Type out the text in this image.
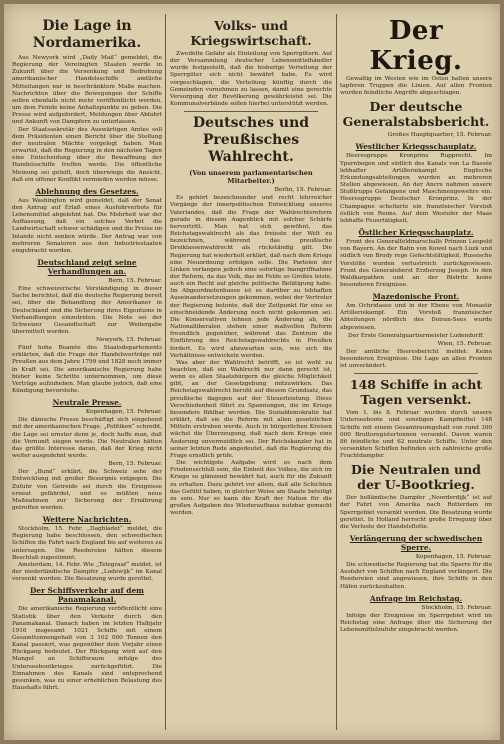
Die Lage in Nordamerika.

Aus Newyork wird „Daily Mail“ gemeldet, die Regierung der Vereinigten Staaten werde in Zukunft über die Versenkung und Bedrohung amerikanischer Handelsschiffe amtliche Mitteilungen nur in beschränktem Maße machen. Nachrichten über die Bewegungen der Schiffe sollen ebenfalls nicht mehr veröffentlicht werden, um dem Feinde keine Anhaltspunkte zu geben. Die Presse wird aufgefordert, Meldungen über Abfahrt und Ankunft von Dampfern zu unterlassen.

Der Staatssekretär des Auswärtigen Amtes soll dem Präsidenten einen Bericht über die Stellung der neutralen Mächte vorgelegt haben. Man erwartet, daß die Regierung in den nächsten Tagen eine Entscheidung über die Bewaffnung der Handelsschiffe treffen werde. Die öffentliche Meinung sei geteilt, doch überwiege die Ansicht, daß ein offener Konflikt vermieden werden müsse.

Ablehnung des Gesetzes.

Aus Washington wird gemeldet, daß der Senat den Antrag auf Erlaß eines Ausfuhrverbots für Lebensmittel abgelehnt hat. Die Mehrheit war der Auffassung, daß ein solches Verbot die Landwirtschaft schwer schädigen und die Preise im Inlande nicht senken würde. Der Antrag war von mehreren Senatoren aus den Industriestaaten eingebracht worden.

Deutschland zeigt seine Verhandlungen an.
Bern, 15. Februar.

Eine schweizerische Verständigung in dieser Sache berichtet, daß die deutsche Regierung bereit sei, über die Behandlung der Amerikaner in Deutschland und die Sicherung ihres Eigentums in Verhandlungen einzutreten. Die Note sei der Schweizer Gesandtschaft zur Weitergabe übermittelt worden.

Newyork, 15. Februar.

Fünf hohe Beamte des Staatsdepartements erklärten, daß die Frage der Handelsverträge mit Preußen aus dem Jahre 1799 und 1828 noch immer in Kraft sei. Die amerikanische Regierung habe bisher keine Schritte unternommen, um diese Verträge aufzuheben. Man glaube jedoch, daß eine Kündigung bevorstehe.

Neutrale Presse.
Kopenhagen, 15. Februar.

Die dänische Presse beschäftigt sich eingehend mit der amerikanischen Frage. „Politiken“ schreibt, die Lage sei ernster denn je, doch hoffe man, daß die Vernunft siegen werde. Die Neutralen hätten das größte Interesse daran, daß der Krieg nicht weiter ausgedehnt werde.

Bern, 15. Februar.

Der „Bund“ erklärt, die Schweiz sehe der Entwicklung mit großer Besorgnis entgegen. Die Zufuhr von Getreide sei durch die Ereignisse erneut gefährdet, und es müßten neue Maßnahmen zur Sicherung der Ernährung getroffen werden.

Weitere Nachrichten.

Stockholm, 15. Febr. „Dagbladet“ meldet, die Regierung habe beschlossen, den schwedischen Schiffen die Fahrt nach England bis auf weiteres zu untersagen. Die Reedereien hätten diesem Beschluß zugestimmt.

Amsterdam, 14. Febr. Wie „Telegraaf“ meldet, ist der niederländische Dampfer „Lodewijk“ im Kanal versenkt worden. Die Besatzung wurde gerettet.

Der Schiffsverkehr auf dem Panamakanal.

Die amerikanische Regierung veröffentlicht eine Statistik über den Verkehr durch den Panamakanal. Danach haben im letzten Halbjahr 1916 insgesamt 1021 Schiffe mit einem Gesamttonnengehalt von 3 102 000 Tonnen den Kanal passiert, was gegenüber dem Vorjahr einen Rückgang bedeutet. Der Rückgang wird auf den Mangel an Schiffsraum infolge des Unterseebootkrieges zurückgeführt. Die Einnahmen des Kanals sind entsprechend gesunken, was zu einer erheblichen Belastung des Haushalts führt.

Volks- und Kriegswirtschaft.

Zweifelte Gefahr als Einteilung von Sperrgütern. Auf der Versammlung deutscher Lebensmittelhändler wurde festgestellt, daß die bisherige Verteilung der Sperrgüter sich nicht bewährt habe. Es wird vorgeschlagen, die Verteilung künftig durch die Gemeinden vornehmen zu lassen, damit eine gerechte Versorgung der Bevölkerung gewährleistet sei. Die Kommunalverbände sollen hierbei unterstützt werden.

Deutsches und Preußisches Wahlrecht.
(Von unserem parlamentarischen Mitarbeiter.)
Berlin, 15. Februar.

Es gehört bezeichnender und recht lehrreicher Vorgänge der innerpolitischen Entwicklung unseres Vaterlandes, daß die Frage der Wahlrechtsreform gerade in diesem Augenblick mit solcher Schärfe hervortritt. Man hat sich gewöhnt, das Reichstagswahlrecht als das freieste der Welt zu bezeichnen, während das preußische Dreiklassenwahlrecht als rückständig gilt. Die Regierung hat wiederholt erklärt, daß nach dem Kriege eine Neuordnung erfolgen solle. Die Parteien der Linken verlangen jedoch eine sofortige Inangriffnahme der Reform, da das Volk, das im Felde so Großes leiste, auch ein Recht auf gleiche politische Betätigung habe. Im Abgeordnetenhause ist es darüber zu lebhaften Auseinandersetzungen gekommen, wobei der Vertreter der Regierung betonte, daß der Zeitpunkt für eine so einschneidende Änderung noch nicht gekommen sei. Die Konservativen lehnen jede Änderung ab, die Nationalliberalen stehen einer maßvollen Reform freundlich gegenüber, während das Zentrum die Einführung des Reichstagswahlrechts in Preußen fordert. Es wird abzuwarten sein, wie sich die Verhältnisse entwickeln werden.

Was aber der Wahlrecht betrifft, so ist wohl zu beachten, daß ein Wahlrecht nur dann gerecht ist, wenn es allen Staatsbürgern die gleiche Möglichkeit gibt, an der Gesetzgebung mitzuwirken. Das Reichstagswahlrecht beruht auf diesem Grundsatz, das preußische dagegen auf der Steuerleistung. Diese Verschiedenheit führt zu Spannungen, die im Kriege besonders fühlbar werden. Die Sozialdemokratie hat erklärt, daß sie die Reform mit allen gesetzlichen Mitteln erstreben werde. Auch in bürgerlichen Kreisen wächst die Überzeugung, daß nach dem Kriege eine Änderung unvermeidlich sei. Der Reichskanzler hat in seiner letzten Rede angedeutet, daß die Regierung die Frage ernstlich prüfe.

Die wichtigste Aufgabe wird es nach dem Friedensschluß sein, die Einheit des Volkes, die sich im Kriege so glänzend bewährt hat, auch für die Zukunft zu erhalten. Dazu gehört vor allem, daß alle Schichten das Gefühl haben, in gleicher Weise am Staate beteiligt zu sein. Nur so kann die Kraft der Nation für die großen Aufgaben des Wiederaufbaus nutzbar gemacht werden.

Der Krieg.

Gewaltig im Westen wie im Osten halten unsere tapferen Truppen die Linien. Auf allen Fronten wurden feindliche Angriffe abgeschlagen.

Der deutsche Generalstabsbericht.
Großes Hauptquartier, 15. Februar.
Westlicher Kriegsschauplatz.

Heeresgruppe Kronprinz Rupprecht. Im Ypernbogen und südlich des Kanals von La Bassée lebhafter Artilleriekampf. Englische Erkundungsabteilungen wurden an mehreren Stellen abgewiesen. An der Ancre nahmen unsere Stoßtrupps Gefangene und Maschinengewehre ein. Heeresgruppe Deutscher Kronprinz. In der Champagne scheiterte ein französischer Vorstoß östlich von Reims. Auf dem Westufer der Maas lebhafte Feuertätigkeit.

Östlicher Kriegsschauplatz.

Front des Generalfeldmarschalls Prinzen Leopold von Bayern. An der Bahn von Kowel nach Luzk und südlich von Brody rege Gefechtstätigkeit. Russische Vorstöße wurden verlustreich zurückgewiesen. Front des Generaloberst Erzherzog Joseph. In den Waldkarpathen und an der Bistritz keine besonderen Ereignisse.

Mazedonische Front.

Am Ochridasee und in der Ebene von Monastir Artilleriekampf. Ein Vorstoß französischer Abteilungen nördlich des Doiran-Sees wurde abgewiesen.

Der Erste Generalquartiermeister Ludendorff.
Wien, 15. Februar.

Der amtliche Heeresbericht meldet: Keine besonderen Ereignisse. Die Lage an allen Fronten ist unverändert.

148 Schiffe in acht Tagen versenkt.

Vom 1. bis 8. Februar wurden durch unsere Unterseeboote und sonstigen Kampfmittel 148 Schiffe mit einem Gesamtraumgehalt von rund 300 000 Bruttoregistertonnen versenkt. Davon waren 86 feindliche und 62 neutrale Schiffe. Unter den versenkten Schiffen befinden sich zahlreiche große Frachtdampfer.

Die Neutralen und der U-Bootkrieg.

Der holländische Dampfer „Noorderdijk“ ist auf der Fahrt von Amerika nach Rotterdam im Sperrgebiet versenkt worden. Die Besatzung wurde gerettet. In Holland herrscht große Erregung über die Verluste der Handelsflotte.

Verlängerung der schwedischen Sperre.
Kopenhagen, 15. Februar.

Die schwedische Regierung hat die Sperre für die Ausfahrt von Schiffen nach England verlängert. Die Reedereien sind angewiesen, ihre Schiffe in den Häfen zurückzuhalten.

Anfrage im Reichstag.
Stockholm, 15. Februar.

Infolge der Ereignisse im Sperrgebiet wird im Reichstag eine Anfrage über die Sicherung der Lebensmittelzufuhr eingebracht werden.
